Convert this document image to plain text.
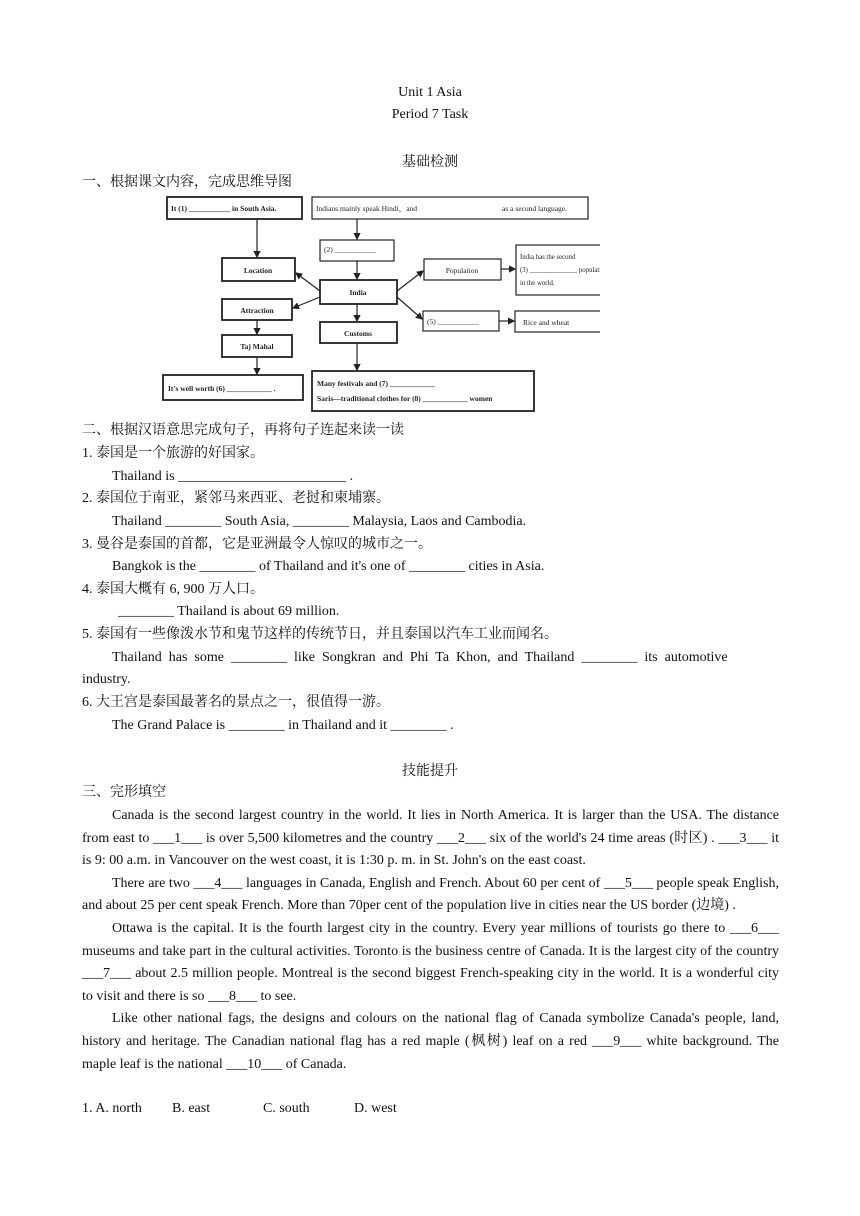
Unit 1 Asia
Period 7 Task
基础检测
一、根据课文内容，完成思维导图
It (1) ___________ in South Asia.	Indians mainly speak Hindi，and	as a second language.
(2) ___________
Location
India
Population
India has the second
(3) ______________ population
in the world.
Attraction
(5) ___________	Rice and wheat
Customs
Taj Mahal
It's well worth (6) ____________ .
Many festivals and (7) ____________
Saris—traditional clothes for (8) ____________ women
二、根据汉语意思完成句子，再将句子连起来读一读
1. 泰国是一个旅游的好国家。
Thailand is ________________________ .
2. 泰国位于南亚，紧邻马来西亚、老挝和柬埔寨。
Thailand ________ South Asia, ________ Malaysia, Laos and Cambodia.
3. 曼谷是泰国的首都，它是亚洲最令人惊叹的城市之一。
Bangkok is the ________ of Thailand and it's one of ________ cities in Asia.
4. 泰国大概有 6, 900 万人口。
________ Thailand is about 69 million.
5. 泰国有一些像泼水节和鬼节这样的传统节日，并且泰国以汽车工业而闻名。
Thailand  has  some  ________  like  Songkran  and  Phi  Ta  Khon,  and  Thailand  ________  its  automotive
industry.
6. 大王宫是泰国最著名的景点之一，很值得一游。
The Grand Palace is ________ in Thailand and it ________ .
技能提升
三、完形填空

Canada is the second largest country in the world. It lies in North America. It is larger than the USA. The distance from east to ___1___ is over 5,500 kilometres and the country ___2___ six of the world's 24 time areas (时区) . ___3___ it is 9: 00 a.m. in Vancouver on the west coast, it is 1:30 p. m. in St. John's on the east coast.

There are two ___4___ languages in Canada, English and French. About 60 per cent of ___5___ people speak English, and about 25 per cent speak French. More than 70per cent of the population live in cities near the US border (边境) .

Ottawa is the capital. It is the fourth largest city in the country. Every year millions of tourists go there to ___6___ museums and take part in the cultural activities. Toronto is the business centre of Canada. It is the largest city of the country ___7___ about 2.5 million people. Montreal is the second biggest French-speaking city in the world. It is a wonderful city to visit and there is so ___8___ to see.

Like other national fags, the designs and colours on the national flag of Canada symbolize Canada's people, land, history and heritage. The Canadian national flag has a red maple (枫树) leaf on a red ___9___ white background. The maple leaf is the national ___10___ of Canada.

1. A. north B. east	C. south	D. west
